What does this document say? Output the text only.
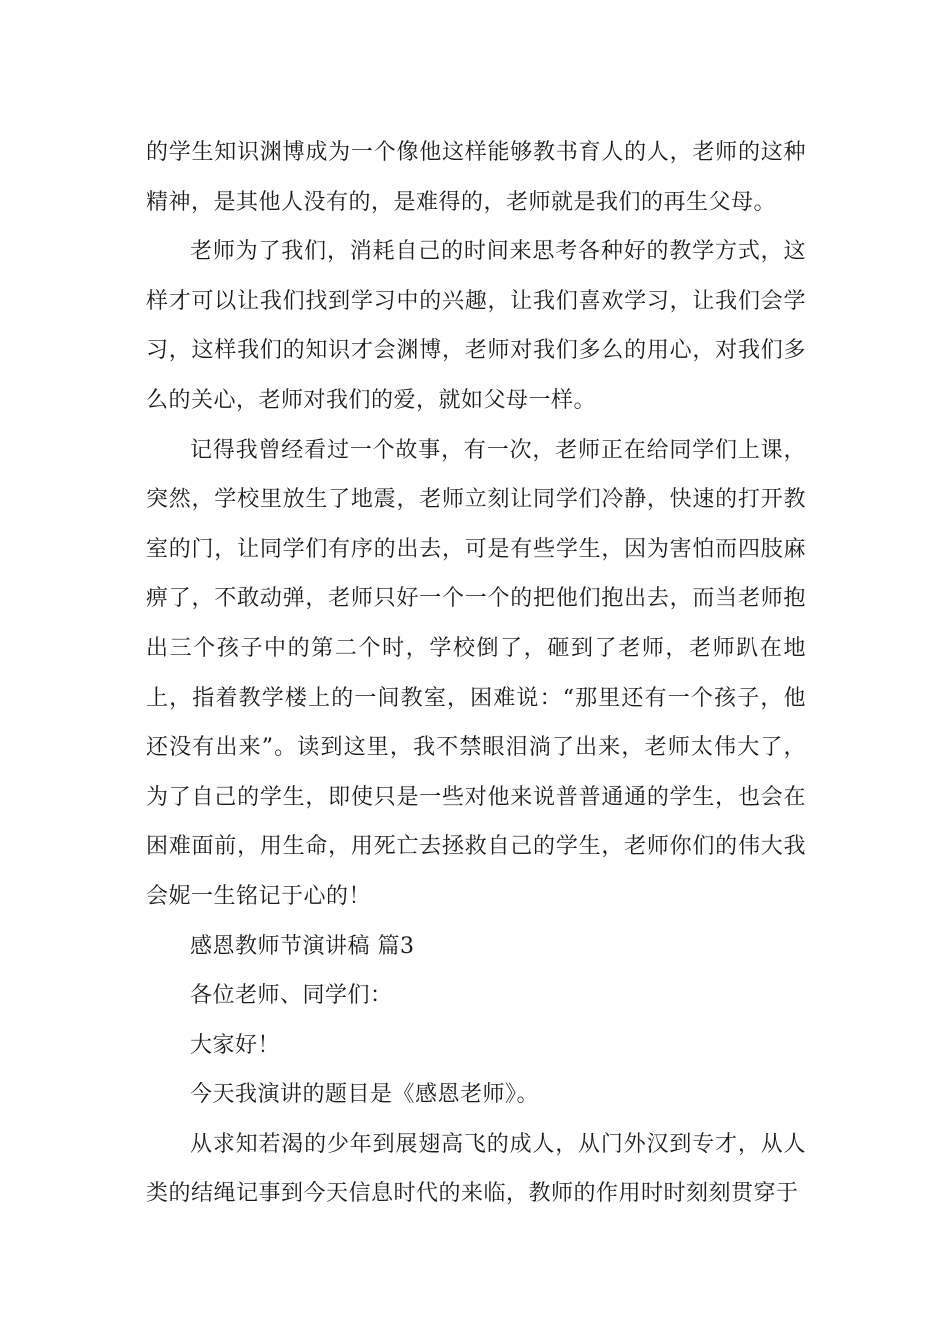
的学生知识渊博成为一个像他这样能够教书育人的人，老师的这种精神，是其他人没有的，是难得的，老师就是我们的再生父母。

老师为了我们，消耗自己的时间来思考各种好的教学方式，这样才可以让我们找到学习中的兴趣，让我们喜欢学习，让我们会学习，这样我们的知识才会渊博，老师对我们多么的用心，对我们多么的关心，老师对我们的爱，就如父母一样。

记得我曾经看过一个故事，有一次，老师正在给同学们上课，突然，学校里放生了地震，老师立刻让同学们冷静，快速的打开教室的门，让同学们有序的出去，可是有些学生，因为害怕而四肢麻痹了，不敢动弹，老师只好一个一个的把他们抱出去，而当老师抱出三个孩子中的第二个时，学校倒了，砸到了老师，老师趴在地上，指着教学楼上的一间教室，困难说：“那里还有一个孩子，他还没有出来”。读到这里，我不禁眼泪淌了出来，老师太伟大了，为了自己的学生，即使只是一些对他来说普普通通的学生，也会在困难面前，用生命，用死亡去拯救自己的学生，老师你们的伟大我会妮一生铭记于心的！

感恩教师节演讲稿 篇3

各位老师、同学们：

大家好！

今天我演讲的题目是《感恩老师》。

从求知若渴的少年到展翅高飞的成人，从门外汉到专才，从人类的结绳记事到今天信息时代的来临，教师的作用时时刻刻贯穿于
